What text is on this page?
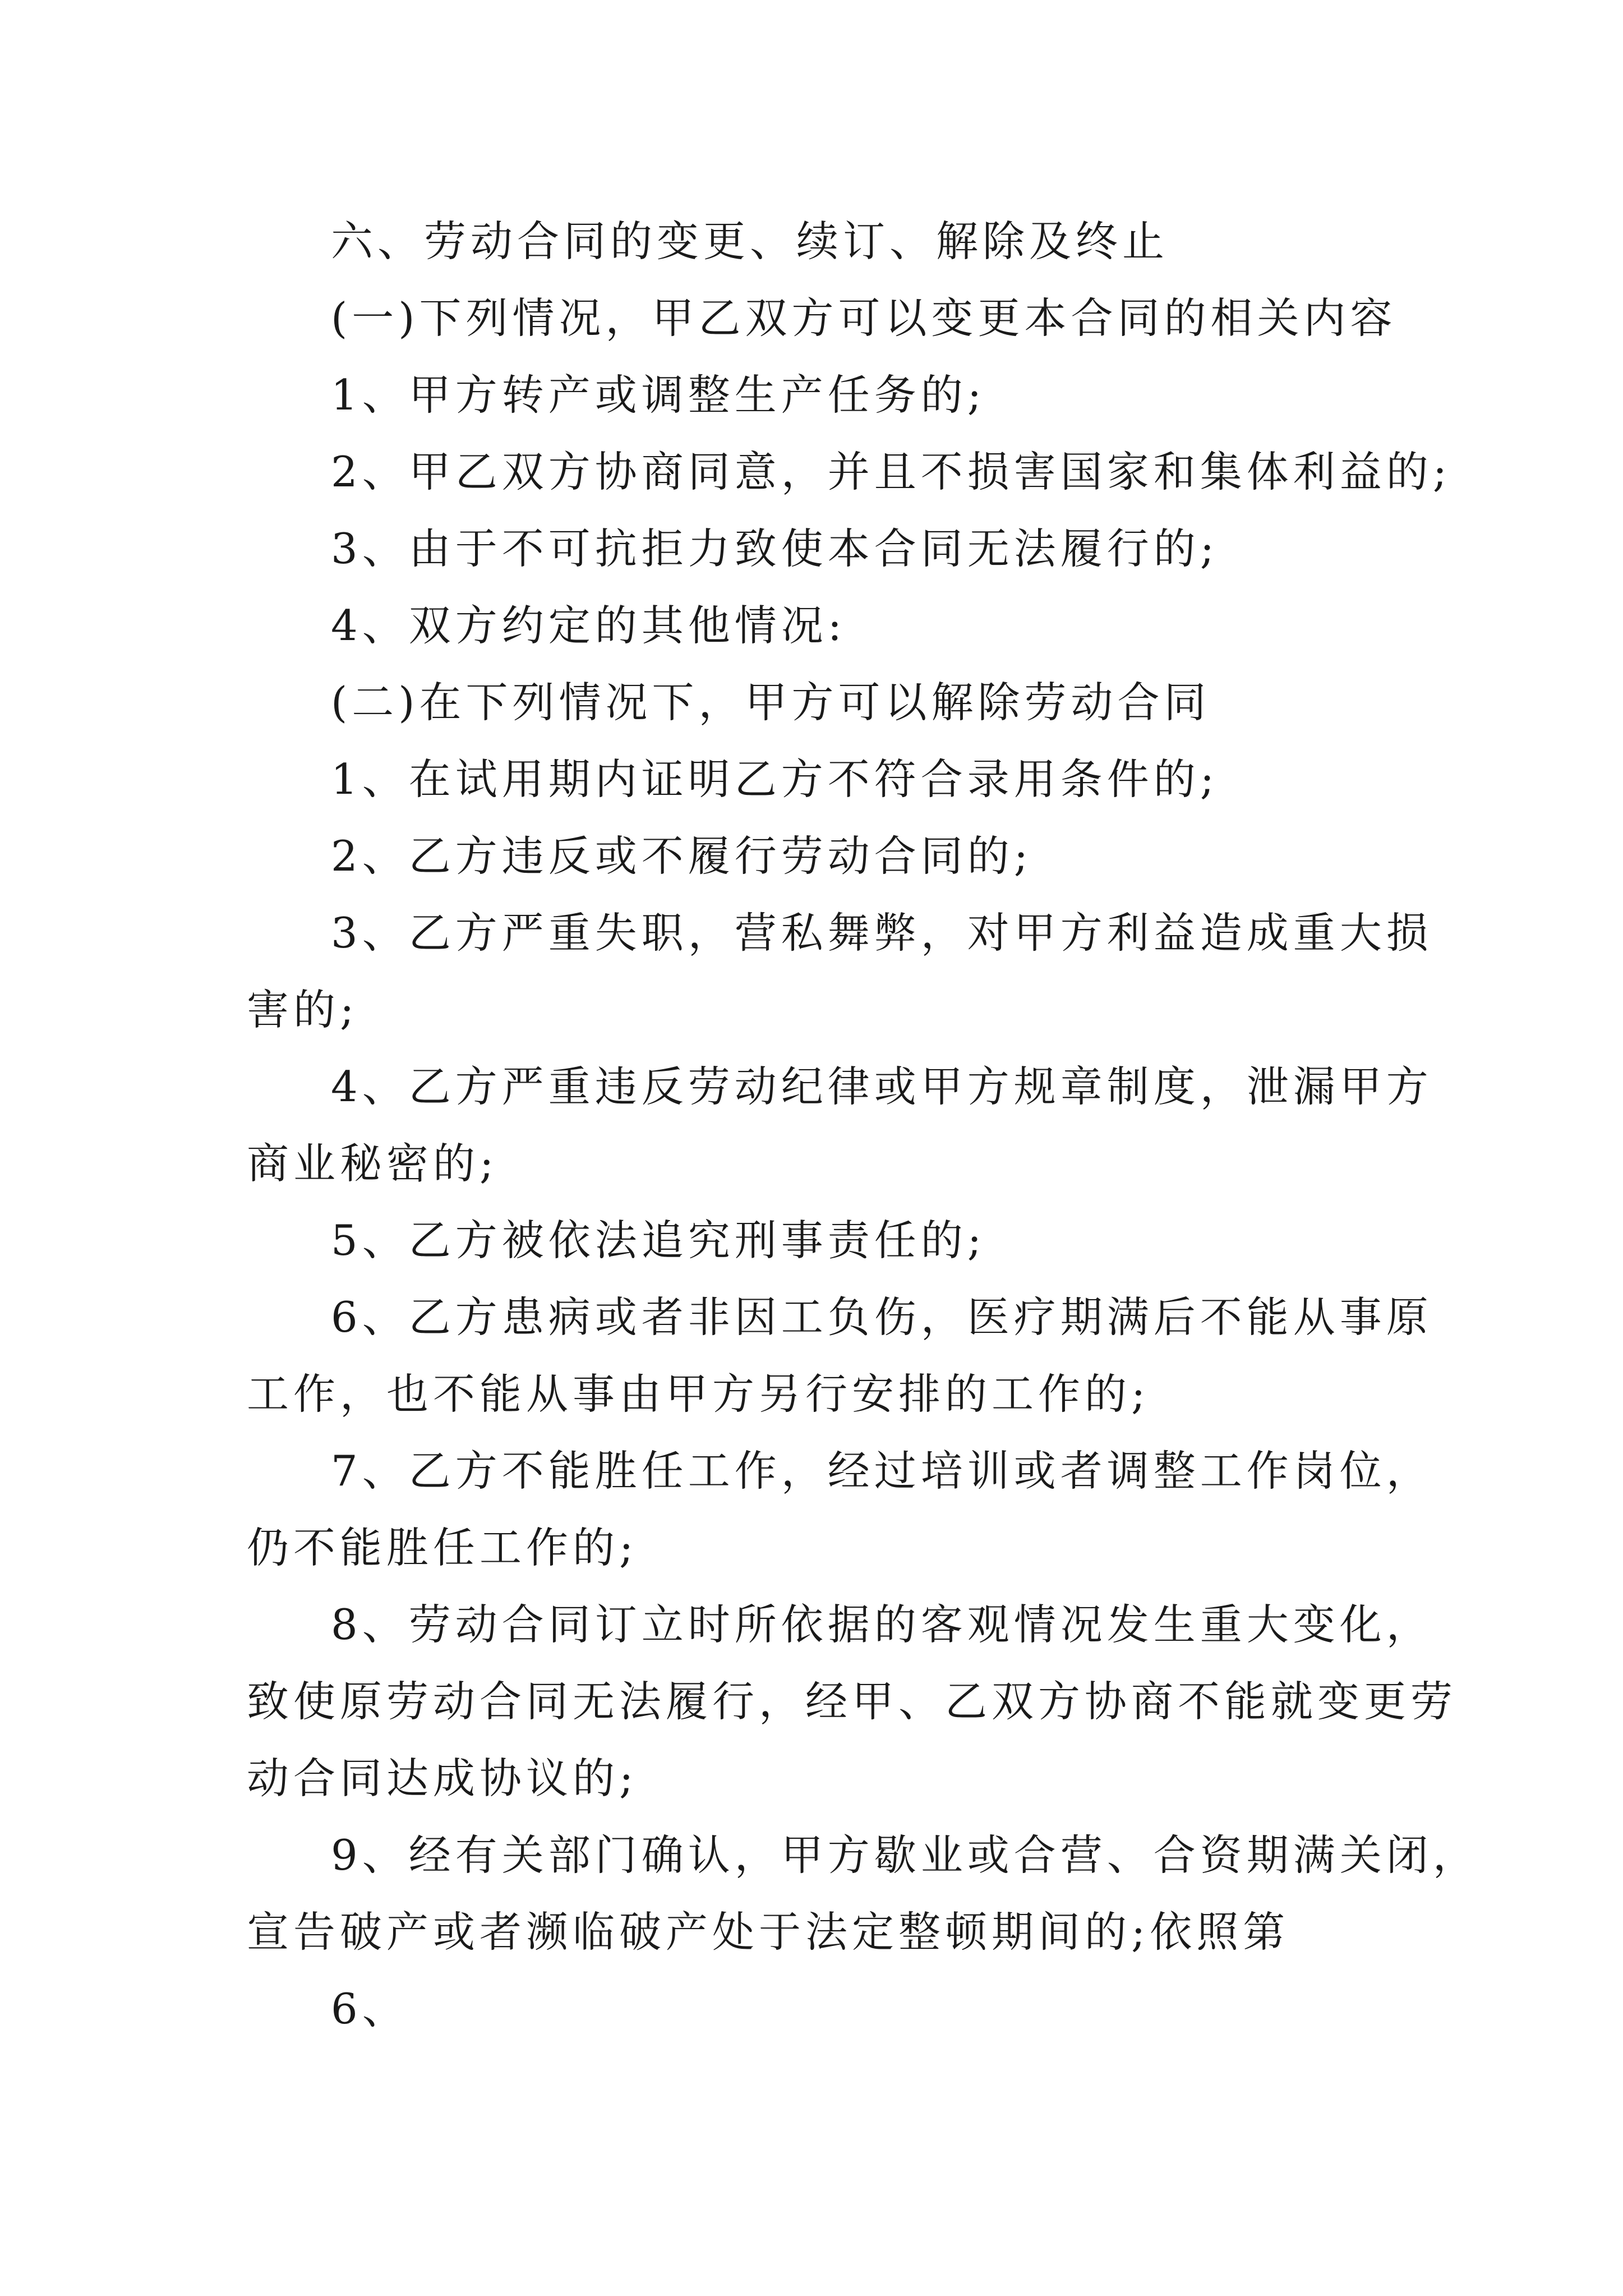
六、劳动合同的变更、续订、解除及终止
(一)下列情况，甲乙双方可以变更本合同的相关内容
1、甲方转产或调整生产任务的;
2、甲乙双方协商同意，并且不损害国家和集体利益的;
3、由于不可抗拒力致使本合同无法履行的;
4、双方约定的其他情况:
(二)在下列情况下，甲方可以解除劳动合同
1、在试用期内证明乙方不符合录用条件的;
2、乙方违反或不履行劳动合同的;
3、乙方严重失职，营私舞弊，对甲方利益造成重大损
害的;
4、乙方严重违反劳动纪律或甲方规章制度，泄漏甲方
商业秘密的;
5、乙方被依法追究刑事责任的;
6、乙方患病或者非因工负伤，医疗期满后不能从事原
工作，也不能从事由甲方另行安排的工作的;
7、乙方不能胜任工作，经过培训或者调整工作岗位，
仍不能胜任工作的;
8、劳动合同订立时所依据的客观情况发生重大变化，
致使原劳动合同无法履行，经甲、乙双方协商不能就变更劳
动合同达成协议的;
9、经有关部门确认，甲方歇业或合营、合资期满关闭，
宣告破产或者濒临破产处于法定整顿期间的;依照第
6、
